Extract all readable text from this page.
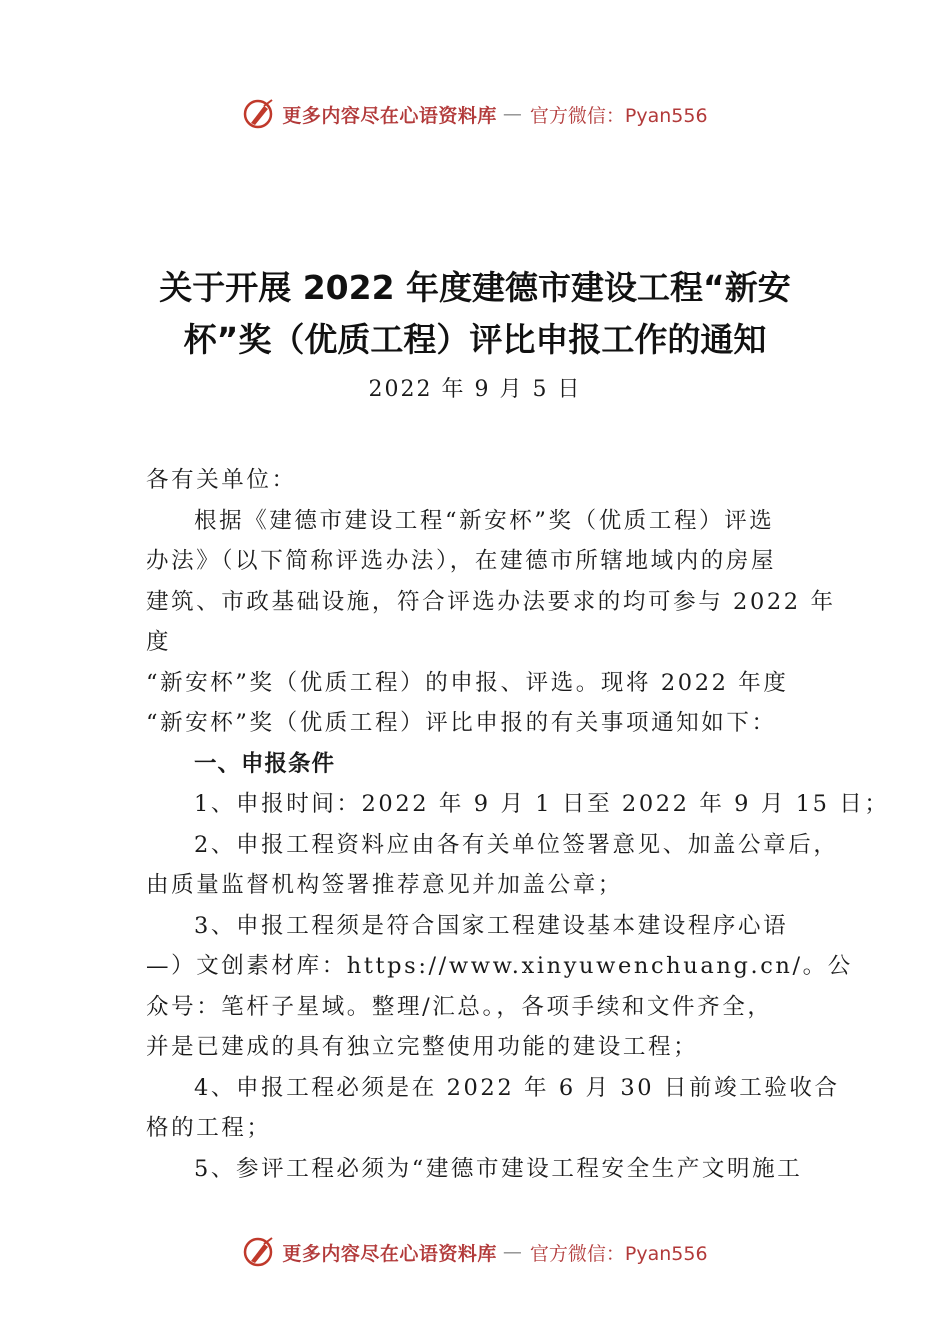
更多内容尽在心语资料库 — 官方微信：Pyan556
关于开展 2022 年度建德市建设工程“新安
杯”奖（优质工程）评比申报工作的通知
2022 年 9 月 5 日
各有关单位：
根据《建德市建设工程“新安杯”奖（优质工程）评选
办法》（以下简称评选办法），在建德市所辖地域内的房屋
建筑、市政基础设施，符合评选办法要求的均可参与 2022 年
度
“新安杯”奖（优质工程）的申报、评选。现将 2022 年度
“新安杯”奖（优质工程）评比申报的有关事项通知如下：
一、申报条件
1、申报时间：2022 年 9 月 1 日至 2022 年 9 月 15 日；
2、申报工程资料应由各有关单位签署意见、加盖公章后，
由质量监督机构签署推荐意见并加盖公章；
3、申报工程须是符合国家工程建设基本建设程序心语
—）文创素材库：https://www.xinyuwenchuang.cn/。公
众号：笔杆子星域。整理/汇总。，各项手续和文件齐全，
并是已建成的具有独立完整使用功能的建设工程；
4、申报工程必须是在 2022 年 6 月 30 日前竣工验收合
格的工程；
5、参评工程必须为“建德市建设工程安全生产文明施工
更多内容尽在心语资料库 — 官方微信：Pyan556
